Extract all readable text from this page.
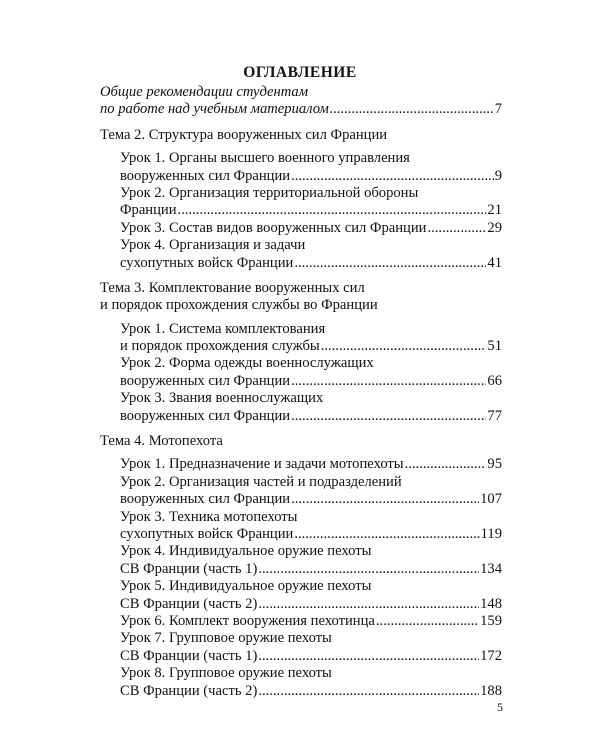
ОГЛАВЛЕНИЕ
Общие рекомендации студентам
по работе над учебным материалом .....	7
Тема 2. Структура вооруженных сил Франции
Урок 1. Органы высшего военного управления
вооруженных сил Франции .....	9
Урок 2. Организация территориальной обороны
Франции .....	21
Урок 3. Состав видов вооруженных сил Франции .....	29
Урок 4. Организация и задачи
сухопутных войск Франции .....	41
Тема 3. Комплектование вооруженных сил
и порядок прохождения службы во Франции
Урок 1. Система комплектования
и порядок прохождения службы .....	51
Урок 2. Форма одежды военнослужащих
вооруженных сил Франции .....	66
Урок 3. Звания военнослужащих
вооруженных сил Франции .....	77
Тема 4. Мотопехота
Урок 1. Предназначение и задачи мотопехоты .....	95
Урок 2. Организация частей и подразделений
вооруженных сил Франции .....	107
Урок 3. Техника мотопехоты
сухопутных войск Франции .....	119
Урок 4. Индивидуальное оружие пехоты
СВ Франции (часть 1) .....	134
Урок 5. Индивидуальное оружие пехоты
СВ Франции (часть 2) .....	148
Урок 6. Комплект вооружения пехотинца .....	159
Урок 7. Групповое оружие пехоты
СВ Франции (часть 1) .....	172
Урок 8. Групповое оружие пехоты
СВ Франции (часть 2) .....	188
5
